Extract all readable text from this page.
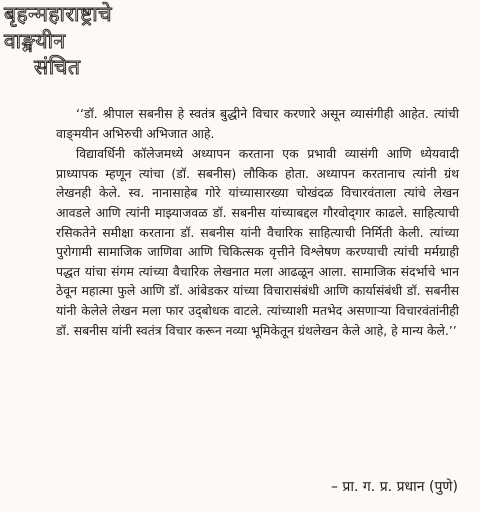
बृहन्महाराष्ट्राचे
वाङ्मयीन
संचित

‘‘डॉ. श्रीपाल सबनीस हे स्वतंत्र बुद्धीने विचार करणारे असून व्यासंगीही आहेत. त्यांची वाङ्‌मयीन अभिरुची अभिजात आहे.

विद्यावर्धिनी कॉलेजमध्ये अध्यापन करताना एक प्रभावी व्यासंगी आणि ध्येयवादी प्राध्यापक म्हणून त्यांचा (डॉ. सबनीस) लौकिक होता. अध्यापन करतानाच त्यांनी ग्रंथ लेखनही केले. स्व. नानासाहेब गोरे यांच्यासारख्या चोखंदळ विचारवंताला त्यांचे लेखन आवडले आणि त्यांनी माझ्याजवळ डॉ. सबनीस यांच्याबद्दल गौरवोद्‌गार काढले. साहित्याची रसिकतेने समीक्षा करताना डॉ. सबनीस यांनी वैचारिक साहित्याची निर्मिती केली. त्यांच्या पुरोगामी सामाजिक जाणिवा आणि चिकित्सक वृत्तीने विश्लेषण करण्याची त्यांची मर्मग्राही पद्धत यांचा संगम त्यांच्या वैचारिक लेखनात मला आढळून आला. सामाजिक संदर्भाचे भान ठेवून महात्मा फुले आणि डॉ. आंबेडकर यांच्या विचारासंबंधी आणि कार्यासंबंधी डॉ. सबनीस यांनी केलेले लेखन मला फार उद्‌बोधक वाटले. त्यांच्याशी मतभेद असणाऱ्या विचारवंतांनीही डॉ. सबनीस यांनी स्वतंत्र विचार करून नव्या भूमिकेतून ग्रंथलेखन केले आहे, हे मान्य केले.’’

– प्रा. ग. प्र. प्रधान (पुणे)
